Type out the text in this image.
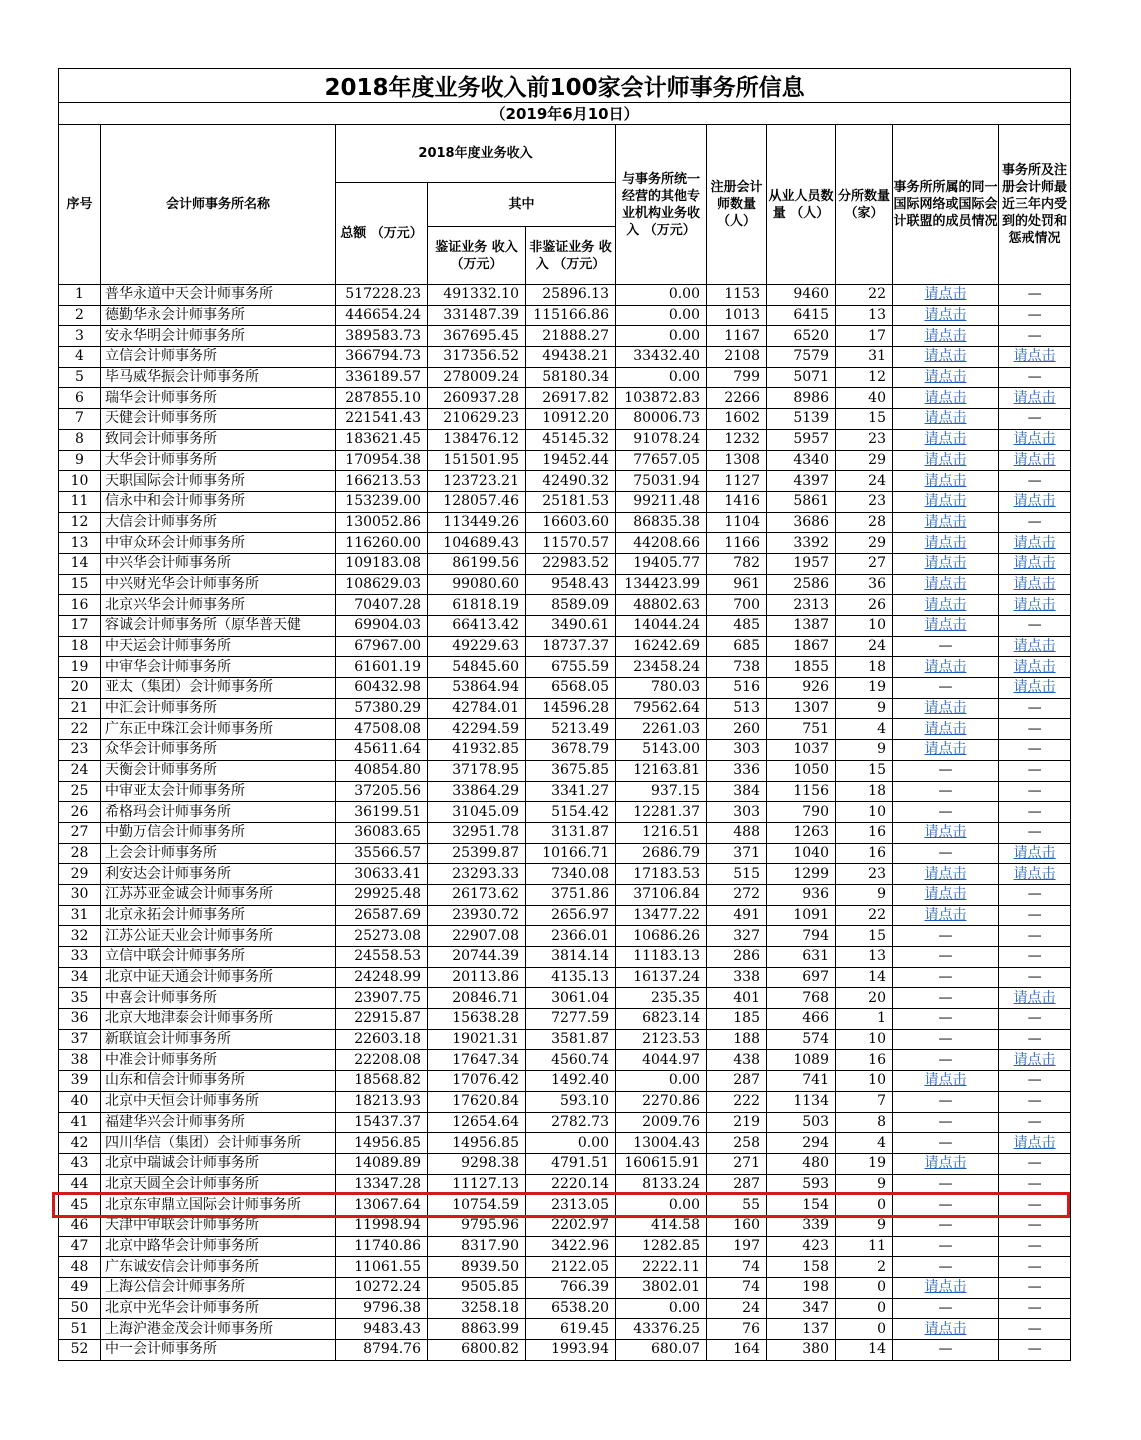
2018年度业务收入前100家会计师事务所信息										
（2019年6月10日）										
序号	会计师事务所名称	2018年度业务收入			与事务所统一经营的其他专业机构业务收入 （万元）	注册会计师数量 （人）	从业人员数量 （人）	分所数量 （家）	事务所所属的同一国际网络或国际会计联盟的成员情况	事务所及注册会计师最近三年内受到的处罚和惩戒情况
		总额 （万元）	其中							
			鉴证业务 收入 （万元）	非鉴证业务 收入 （万元）						
1	普华永道中天会计师事务所	517228.23	491332.10	25896.13	0.00	1153	9460	22	请点击	—
2	德勤华永会计师事务所	446654.24	331487.39	115166.86	0.00	1013	6415	13	请点击	—
3	安永华明会计师事务所	389583.73	367695.45	21888.27	0.00	1167	6520	17	请点击	—
4	立信会计师事务所	366794.73	317356.52	49438.21	33432.40	2108	7579	31	请点击	请点击
5	毕马威华振会计师事务所	336189.57	278009.24	58180.34	0.00	799	5071	12	请点击	—
6	瑞华会计师事务所	287855.10	260937.28	26917.82	103872.83	2266	8986	40	请点击	请点击
7	天健会计师事务所	221541.43	210629.23	10912.20	80006.73	1602	5139	15	请点击	—
8	致同会计师事务所	183621.45	138476.12	45145.32	91078.24	1232	5957	23	请点击	请点击
9	大华会计师事务所	170954.38	151501.95	19452.44	77657.05	1308	4340	29	请点击	请点击
10	天职国际会计师事务所	166213.53	123723.21	42490.32	75031.94	1127	4397	24	请点击	—
11	信永中和会计师事务所	153239.00	128057.46	25181.53	99211.48	1416	5861	23	请点击	请点击
12	大信会计师事务所	130052.86	113449.26	16603.60	86835.38	1104	3686	28	请点击	—
13	中审众环会计师事务所	116260.00	104689.43	11570.57	44208.66	1166	3392	29	请点击	请点击
14	中兴华会计师事务所	109183.08	86199.56	22983.52	19405.77	782	1957	27	请点击	请点击
15	中兴财光华会计师事务所	108629.03	99080.60	9548.43	134423.99	961	2586	36	请点击	请点击
16	北京兴华会计师事务所	70407.28	61818.19	8589.09	48802.63	700	2313	26	请点击	请点击
17	容诚会计师事务所（原华普天健	69904.03	66413.42	3490.61	14044.24	485	1387	10	请点击	—
18	中天运会计师事务所	67967.00	49229.63	18737.37	16242.69	685	1867	24	—	请点击
19	中审华会计师事务所	61601.19	54845.60	6755.59	23458.24	738	1855	18	请点击	请点击
20	亚太（集团）会计师事务所	60432.98	53864.94	6568.05	780.03	516	926	19	—	请点击
21	中汇会计师事务所	57380.29	42784.01	14596.28	79562.64	513	1307	9	请点击	—
22	广东正中珠江会计师事务所	47508.08	42294.59	5213.49	2261.03	260	751	4	请点击	—
23	众华会计师事务所	45611.64	41932.85	3678.79	5143.00	303	1037	9	请点击	—
24	天衡会计师事务所	40854.80	37178.95	3675.85	12163.81	336	1050	15	—	—
25	中审亚太会计师事务所	37205.56	33864.29	3341.27	937.15	384	1156	18	—	—
26	希格玛会计师事务所	36199.51	31045.09	5154.42	12281.37	303	790	10	—	—
27	中勤万信会计师事务所	36083.65	32951.78	3131.87	1216.51	488	1263	16	请点击	—
28	上会会计师事务所	35566.57	25399.87	10166.71	2686.79	371	1040	16	—	请点击
29	利安达会计师事务所	30633.41	23293.33	7340.08	17183.53	515	1299	23	请点击	请点击
30	江苏苏亚金诚会计师事务所	29925.48	26173.62	3751.86	37106.84	272	936	9	请点击	—
31	北京永拓会计师事务所	26587.69	23930.72	2656.97	13477.22	491	1091	22	请点击	—
32	江苏公证天业会计师事务所	25273.08	22907.08	2366.01	10686.26	327	794	15	—	—
33	立信中联会计师事务所	24558.53	20744.39	3814.14	11183.13	286	631	13	—	—
34	北京中证天通会计师事务所	24248.99	20113.86	4135.13	16137.24	338	697	14	—	—
35	中喜会计师事务所	23907.75	20846.71	3061.04	235.35	401	768	20	—	请点击
36	北京大地津泰会计师事务所	22915.87	15638.28	7277.59	6823.14	185	466	1	—	—
37	新联谊会计师事务所	22603.18	19021.31	3581.87	2123.53	188	574	10	—	—
38	中准会计师事务所	22208.08	17647.34	4560.74	4044.97	438	1089	16	—	请点击
39	山东和信会计师事务所	18568.82	17076.42	1492.40	0.00	287	741	10	请点击	—
40	北京中天恒会计师事务所	18213.93	17620.84	593.10	2270.86	222	1134	7	—	—
41	福建华兴会计师事务所	15437.37	12654.64	2782.73	2009.76	219	503	8	—	—
42	四川华信（集团）会计师事务所	14956.85	14956.85	0.00	13004.43	258	294	4	—	请点击
43	北京中瑞诚会计师事务所	14089.89	9298.38	4791.51	160615.91	271	480	19	请点击	—
44	北京天圆全会计师事务所	13347.28	11127.13	2220.14	8133.24	287	593	9	—	—
45	北京东审鼎立国际会计师事务所	13067.64	10754.59	2313.05	0.00	55	154	0	—	—
46	天津中审联会计师事务所	11998.94	9795.96	2202.97	414.58	160	339	9	—	—
47	北京中路华会计师事务所	11740.86	8317.90	3422.96	1282.85	197	423	11	—	—
48	广东诚安信会计师事务所	11061.55	8939.50	2122.05	2222.11	74	158	2	—	—
49	上海公信会计师事务所	10272.24	9505.85	766.39	3802.01	74	198	0	请点击	—
50	北京中光华会计师事务所	9796.38	3258.18	6538.20	0.00	24	347	0	—	—
51	上海沪港金茂会计师事务所	9483.43	8863.99	619.45	43376.25	76	137	0	请点击	—
52	中一会计师事务所	8794.76	6800.82	1993.94	680.07	164	380	14	—	—
